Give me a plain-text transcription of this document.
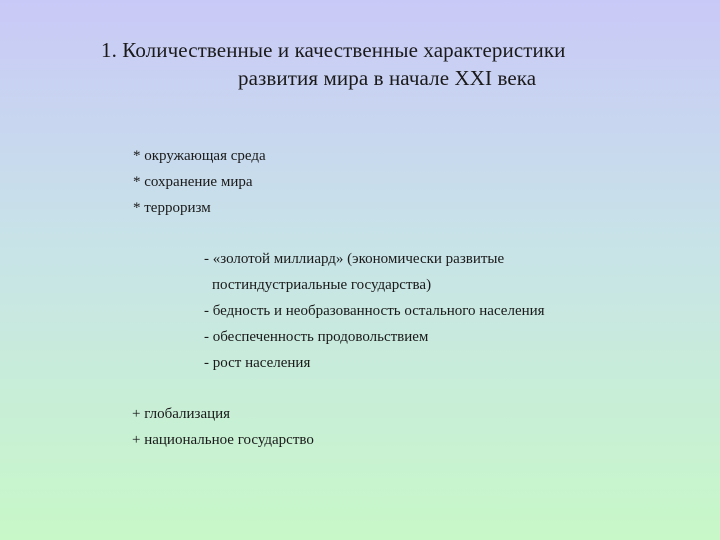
1. Количественные и качественные характеристики
развития мира в начале XXI века
* окружающая среда
* сохранение мира
* терроризм
- «золотой миллиард» (экономически развитые
постиндустриальные государства)
- бедность и необразованность остального населения
- обеспеченность продовольствием
- рост населения
+ глобализация
+ национальное государство
